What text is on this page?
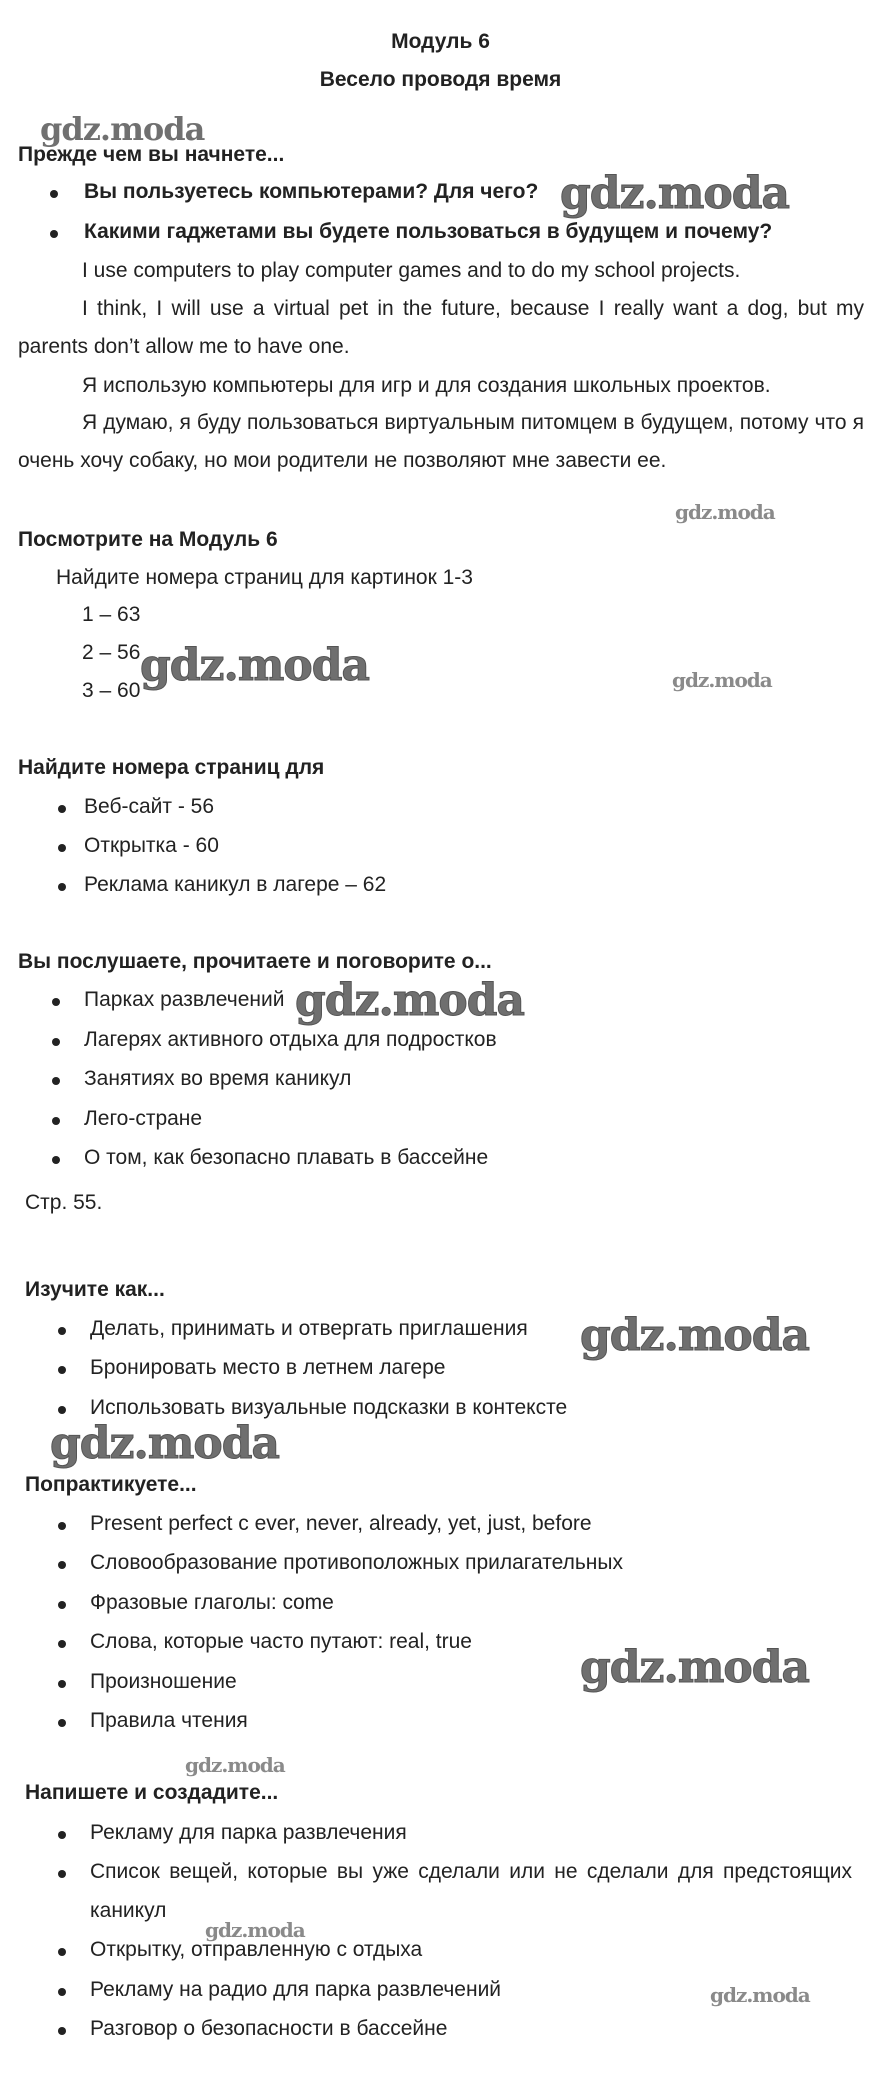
Модуль 6
Весело проводя время
Прежде чем вы начнете...
Вы пользуетесь компьютерами? Для чего?
Какими гаджетами вы будете пользоваться в будущем и почему?
I use computers to play computer games and to do my school projects.
I think, I will use a virtual pet in the future, because I really want a dog, but my parents don’t allow me to have one.
Я использую компьютеры для игр и для создания школьных проектов.
Я думаю, я буду пользоваться виртуальным питомцем в будущем, потому что я очень хочу собаку, но мои родители не позволяют мне завести ее.
Посмотрите на Модуль 6
Найдите номера страниц для картинок 1-3
1 – 63
2 – 56
3 – 60
Найдите номера страниц для
Веб-сайт - 56
Открытка - 60
Реклама каникул в лагере – 62
Вы послушаете, прочитаете и поговорите о...
Парках развлечений
Лагерях активного отдыха для подростков
Занятиях во время каникул
Лего-стране
О том, как безопасно плавать в бассейне
Стр. 55.
Изучите как...
Делать, принимать и отвергать приглашения
Бронировать место в летнем лагере
Использовать визуальные подсказки в контексте
Попрактикуете...
Present perfect с ever, never, already, yet, just, before
Словообразование противоположных прилагательных
Фразовые глаголы: come
Слова, которые часто путают: real, true
Произношение
Правила чтения
Напишете и создадите...
Рекламу для парка развлечения
Список вещей, которые вы уже сделали или не сделали для предстоящих
каникул
Открытку, отправленную с отдыха
Рекламу на радио для парка развлечений
Разговор о безопасности в бассейне
gdz.moda
gdz.moda
gdz.moda
gdz.moda	gdz.moda
gdz.moda
gdz.moda
gdz.moda
gdz.moda
gdz.moda
gdz.moda
gdz.moda
